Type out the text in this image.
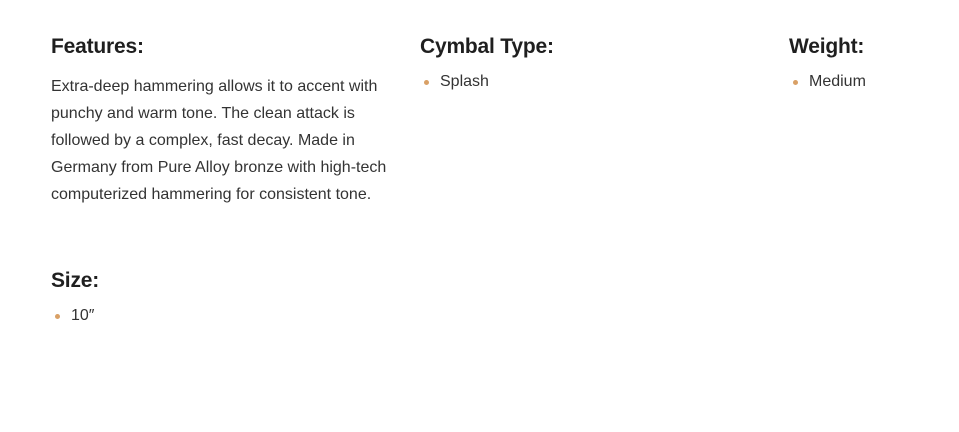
Features:

Extra-deep hammering allows it to accent with punchy and warm tone. The clean attack is followed by a complex, fast decay. Made in Germany from Pure Alloy bronze with high-tech computerized hammering for consistent tone.

Cymbal Type:
Splash
Weight:
Medium
Size:
10″
